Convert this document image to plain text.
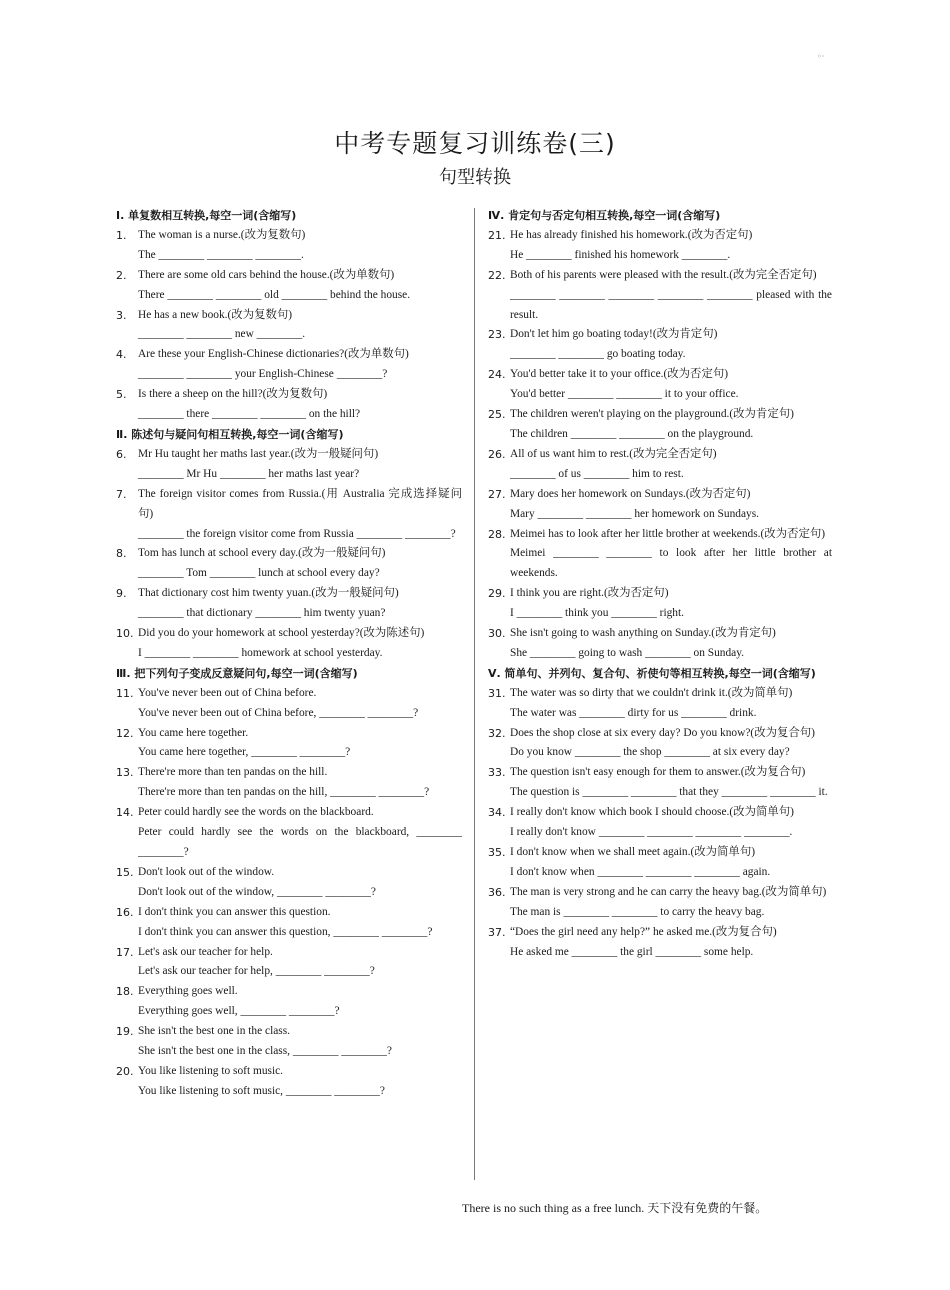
◦·
中考专题复习训练卷(三)
句型转换
Ⅰ. 单复数相互转换,每空一词(含缩写)
1.	The woman is a nurse.(改为复数句)
The ________ ________ ________.
2.	There are some old cars behind the house.(改为单数句)
There ________ ________ old ________ behind the house.
3.	He has a new book.(改为复数句)
________ ________ new ________.
4.	Are these your English-Chinese dictionaries?(改为单数句)
________ ________ your English-Chinese ________?
5.	Is there a sheep on the hill?(改为复数句)
________ there ________ ________ on the hill?
Ⅱ. 陈述句与疑问句相互转换,每空一词(含缩写)
6.	Mr Hu taught her maths last year.(改为一般疑问句)
________ Mr Hu ________ her maths last year?
7.	The foreign visitor comes from Russia.(用 Australia 完成选择疑问句)
________ the foreign visitor come from Russia ________ ________?
8.	Tom has lunch at school every day.(改为一般疑问句)
________ Tom ________ lunch at school every day?
9.	That dictionary cost him twenty yuan.(改为一般疑问句)
________ that dictionary ________ him twenty yuan?
10. Did you do your homework at school yesterday?(改为陈述句)
I ________ ________ homework at school yesterday.
Ⅲ. 把下列句子变成反意疑问句,每空一词(含缩写)
11. You've never been out of China before.
You've never been out of China before, ________ ________?
12. You came here together.
You came here together, ________ ________?
13. There're more than ten pandas on the hill.
There're more than ten pandas on the hill, ________ ________?
14. Peter could hardly see the words on the blackboard.
Peter could hardly see the words on the blackboard, ________ ________?
15. Don't look out of the window.
Don't look out of the window, ________ ________?
16. I don't think you can answer this question.
I don't think you can answer this question, ________ ________?
17. Let's ask our teacher for help.
Let's ask our teacher for help, ________ ________?
18. Everything goes well.
Everything goes well, ________ ________?
19. She isn't the best one in the class.
She isn't the best one in the class, ________ ________?
20. You like listening to soft music.
You like listening to soft music, ________ ________?
Ⅳ. 肯定句与否定句相互转换,每空一词(含缩写)
21. He has already finished his homework.(改为否定句)
He ________ finished his homework ________.
22. Both of his parents were pleased with the result.(改为完全否定句)
________ ________ ________ ________ ________ pleased with the result.
23. Don't let him go boating today!(改为肯定句)
________ ________ go boating today.
24. You'd better take it to your office.(改为否定句)
You'd better ________ ________ it to your office.
25. The children weren't playing on the playground.(改为肯定句)
The children ________ ________ on the playground.
26. All of us want him to rest.(改为完全否定句)
________ of us ________ him to rest.
27. Mary does her homework on Sundays.(改为否定句)
Mary ________ ________ her homework on Sundays.
28. Meimei has to look after her little brother at weekends.(改为否定句)
Meimei ________ ________ to look after her little brother at weekends.
29. I think you are right.(改为否定句)
I ________ think you ________ right.
30. She isn't going to wash anything on Sunday.(改为肯定句)
She ________ going to wash ________ on Sunday.
Ⅴ. 简单句、并列句、复合句、祈使句等相互转换,每空一词(含缩写)
31. The water was so dirty that we couldn't drink it.(改为简单句)
The water was ________ dirty for us ________ drink.
32. Does the shop close at six every day? Do you know?(改为复合句)
Do you know ________ the shop ________ at six every day?
33. The question isn't easy enough for them to answer.(改为复合句)
The question is ________ ________ that they ________ ________ it.
34. I really don't know which book I should choose.(改为简单句)
I really don't know ________ ________ ________ ________.
35. I don't know when we shall meet again.(改为简单句)
I don't know when ________ ________ ________ again.
36. The man is very strong and he can carry the heavy bag.(改为简单句)
The man is ________ ________ to carry the heavy bag.
37. “Does the girl need any help?” he asked me.(改为复合句)
He asked me ________ the girl ________ some help.
There is no such thing as a free lunch. 天下没有免费的午餐。
